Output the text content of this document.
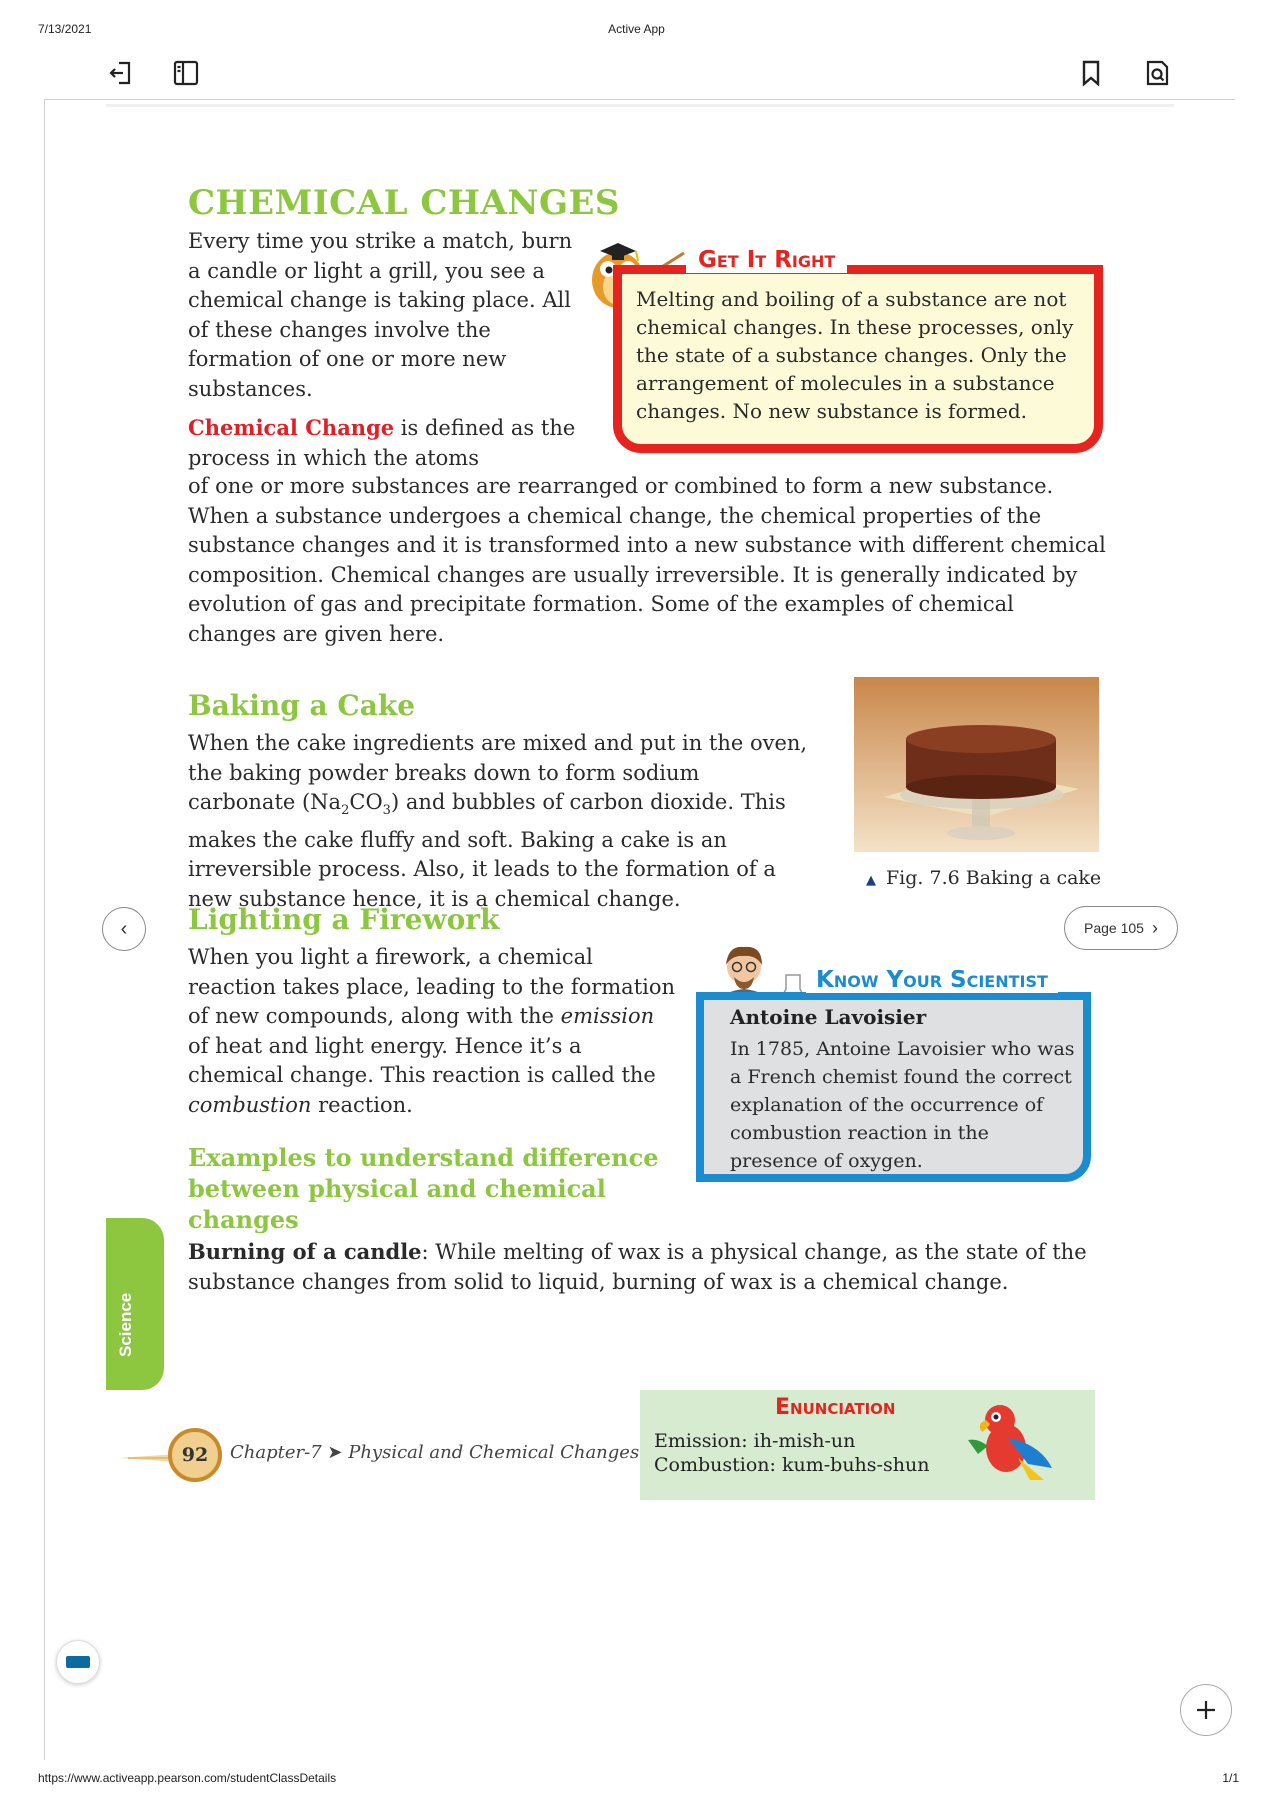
7/13/2021	Active App
CHEMICAL CHANGES
Every time you strike a match, burn a candle or light a grill, you see a chemical change is taking place. All of these changes involve the formation of one or more new substances.
Chemical Change is defined as the process in which the atoms
of one or more substances are rearranged or combined to form a new substance. When a substance undergoes a chemical change, the chemical properties of the substance changes and it is transformed into a new substance with different chemical composition. Chemical changes are usually irreversible. It is generally indicated by evolution of gas and precipitate formation. Some of the examples of chemical changes are given here.
Get It Right
Melting and boiling of a substance are not chemical changes. In these processes, only the state of a substance changes. Only the arrangement of molecules in a substance changes. No new substance is formed.
Baking a Cake
When the cake ingredients are mixed and put in the oven, the baking powder breaks down to form sodium carbonate $(Na_2CO_3)$ and bubbles of carbon dioxide. This makes the cake fluffy and soft. Baking a cake is an irreversible process. Also, it leads to the formation of a new substance hence, it is a chemical change.
▲ Fig. 7.6 Baking a cake
Lighting a Firework
When you light a firework, a chemical reaction takes place, leading to the formation of new compounds, along with the emission of heat and light energy. Hence it’s a chemical change. This reaction is called the combustion reaction.
Know Your Scientist
Antoine Lavoisier
In 1785, Antoine Lavoisier who was a French chemist found the correct explanation of the occurrence of combustion reaction in the presence of oxygen.
Examples to understand difference between physical and chemical changes
Burning of a candle: While melting of wax is a physical change, as the state of the substance changes from solid to liquid, burning of wax is a chemical change.
Science
92	Chapter-7 ➤ Physical and Chemical Changes
Enunciation
Emission: ih-mish-un
Combustion: kum-buhs-shun
‹	Page 105 ›
https://www.activeapp.pearson.com/studentClassDetails	1/1
